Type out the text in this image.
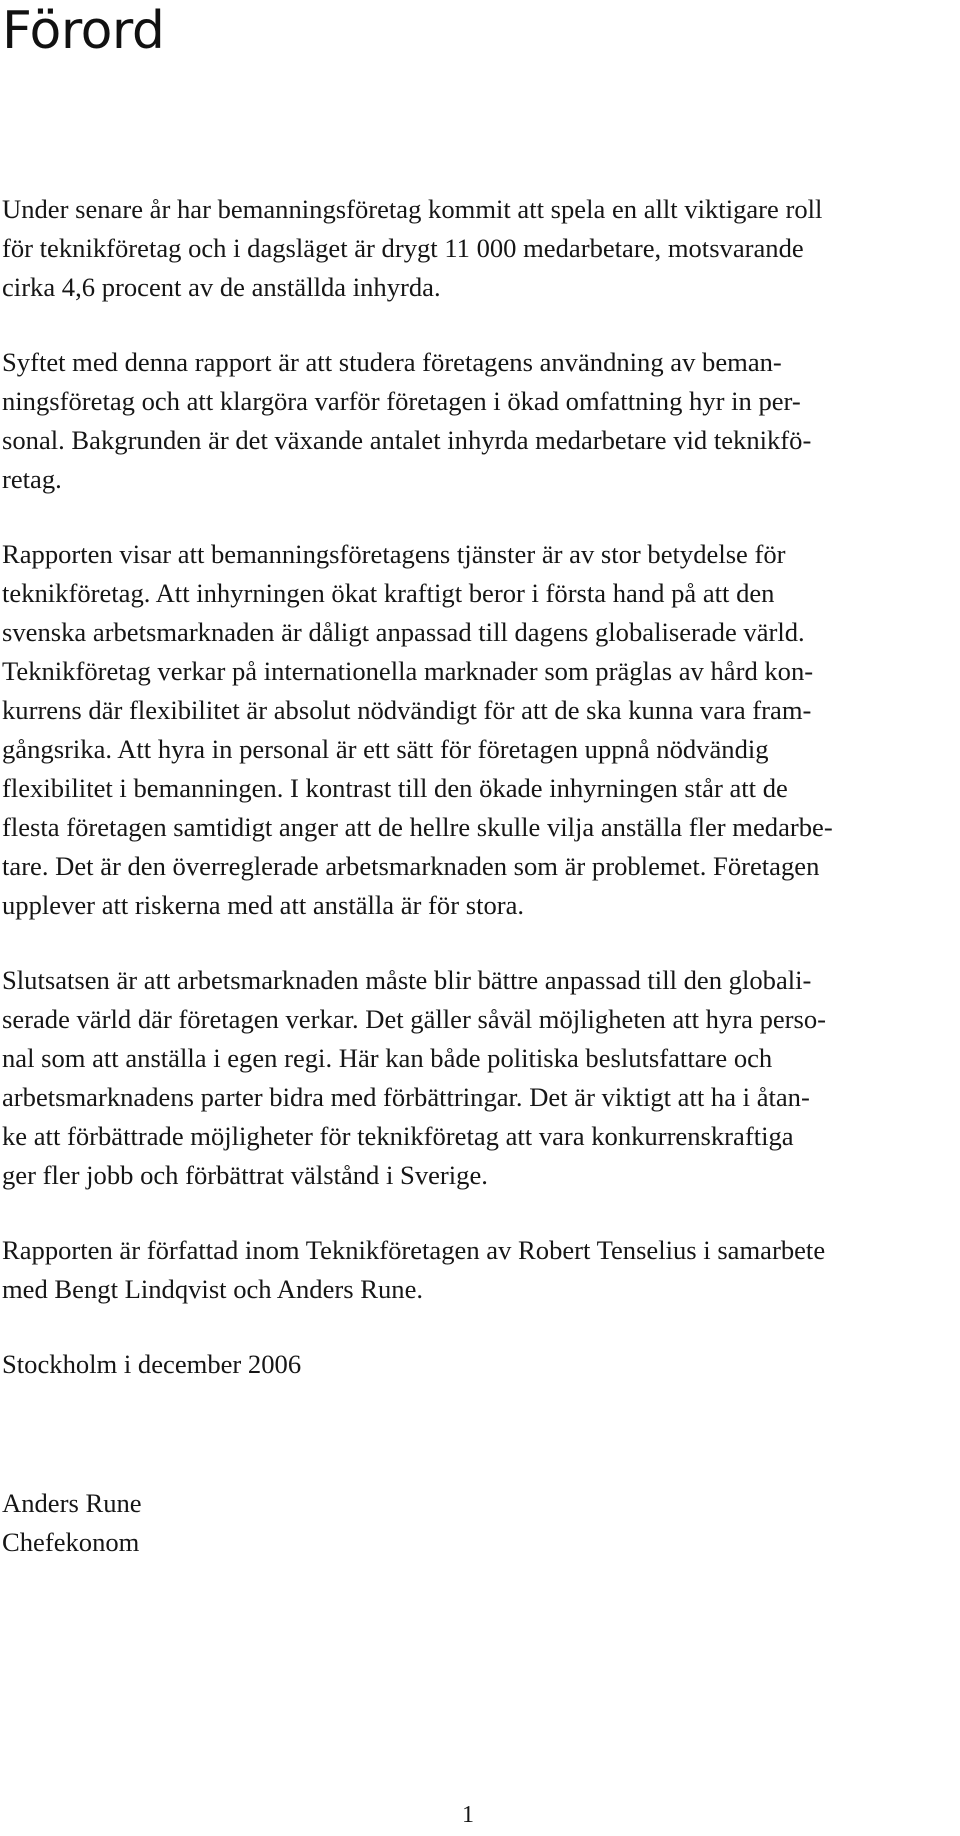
Förord
Under senare år har bemanningsföretag kommit att spela en allt viktigare roll
för teknikföretag och i dagsläget är drygt 11 000 medarbetare, motsvarande
cirka 4,6 procent av de anställda inhyrda.
Syftet med denna rapport är att studera företagens användning av beman-
ningsföretag och att klargöra varför företagen i ökad omfattning hyr in per-
sonal. Bakgrunden är det växande antalet inhyrda medarbetare vid teknikfö-
retag.
Rapporten visar att bemanningsföretagens tjänster är av stor betydelse för
teknikföretag. Att inhyrningen ökat kraftigt beror i första hand på att den
svenska arbetsmarknaden är dåligt anpassad till dagens globaliserade värld.
Teknikföretag verkar på internationella marknader som präglas av hård kon-
kurrens där flexibilitet är absolut nödvändigt för att de ska kunna vara fram-
gångsrika. Att hyra in personal är ett sätt för företagen uppnå nödvändig
flexibilitet i bemanningen. I kontrast till den ökade inhyrningen står att de
flesta företagen samtidigt anger att de hellre skulle vilja anställa fler medarbe-
tare. Det är den överreglerade arbetsmarknaden som är problemet. Företagen
upplever att riskerna med att anställa är för stora.
Slutsatsen är att arbetsmarknaden måste blir bättre anpassad till den globali-
serade värld där företagen verkar. Det gäller såväl möjligheten att hyra perso-
nal som att anställa i egen regi. Här kan både politiska beslutsfattare och
arbetsmarknadens parter bidra med förbättringar. Det är viktigt att ha i åtan-
ke att förbättrade möjligheter för teknikföretag att vara konkurrenskraftiga
ger fler jobb och förbättrat välstånd i Sverige.
Rapporten är författad inom Teknikföretagen av Robert Tenselius i samarbete
med Bengt Lindqvist och Anders Rune.
Stockholm i december 2006
Anders Rune
Chefekonom
1
